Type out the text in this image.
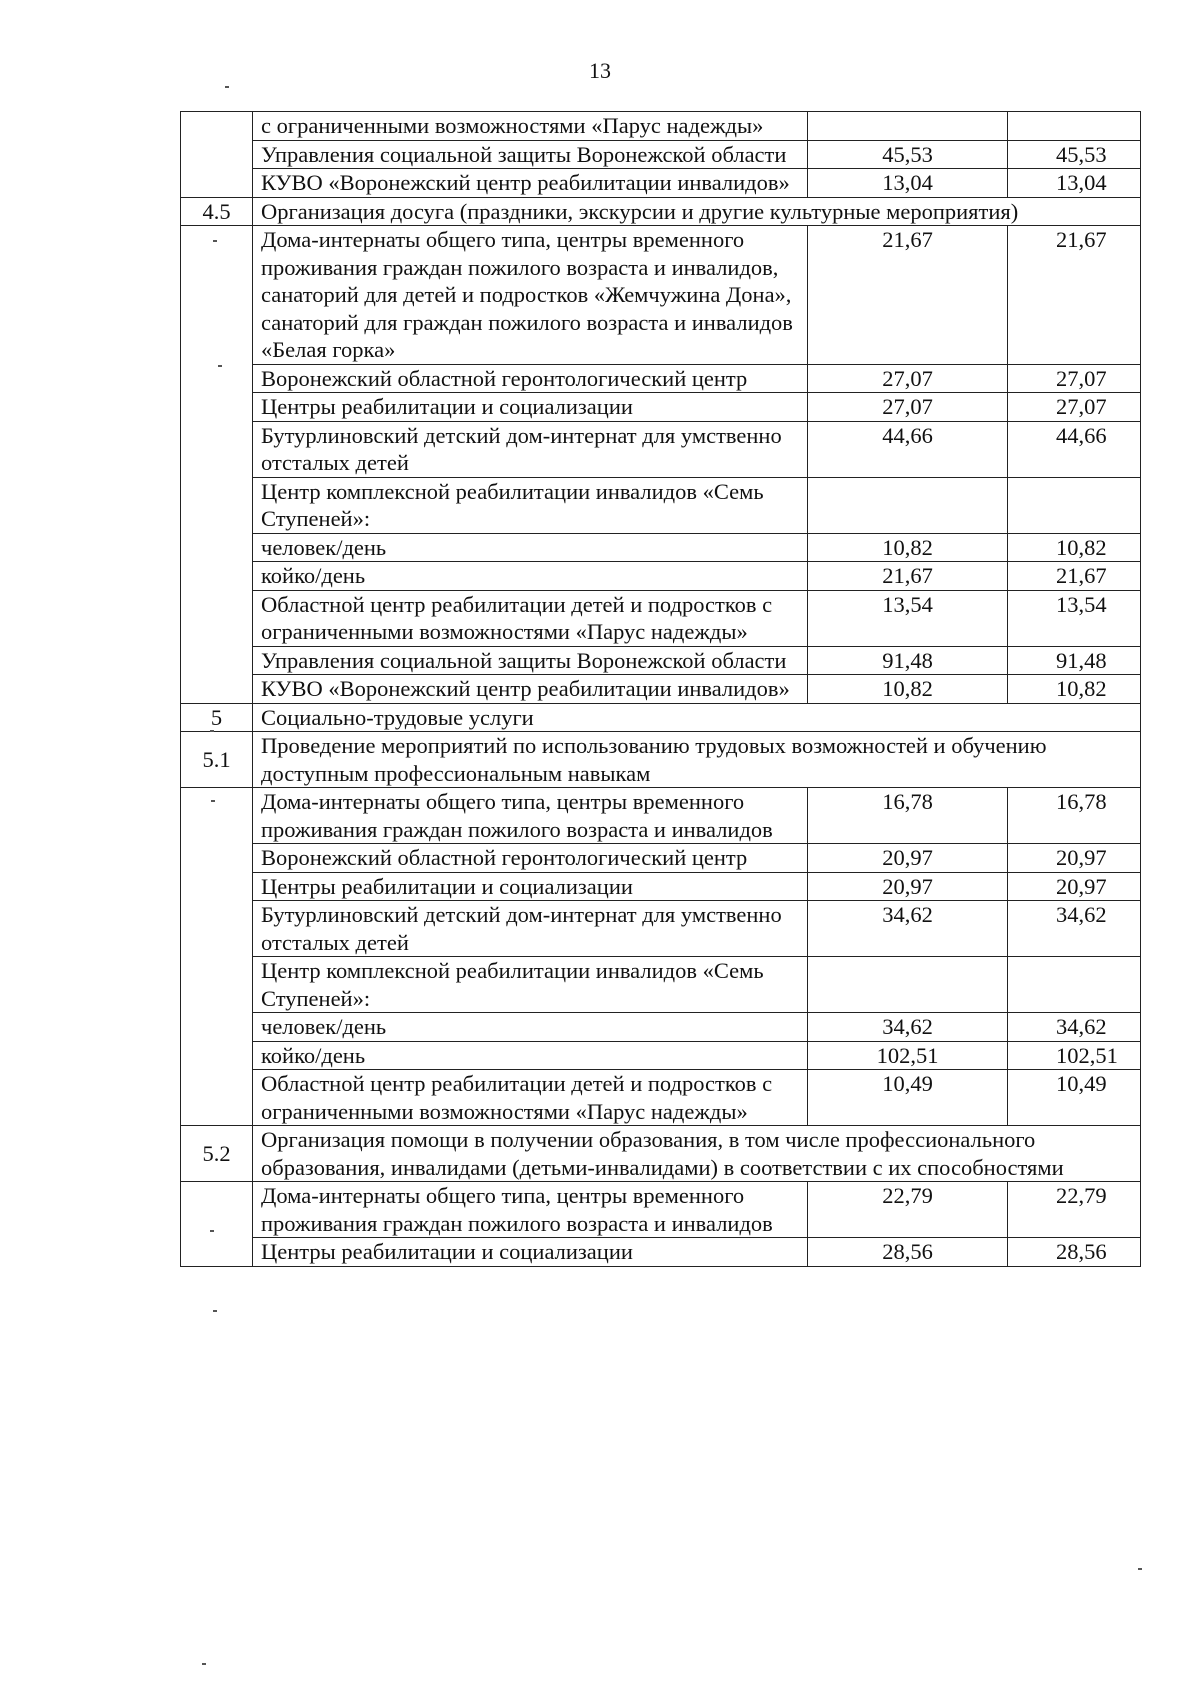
13
	с ограниченными возможностями «Парус надежды»		
	Управления социальной защиты Воронежской области	45,53	45,53
	КУВО «Воронежский центр реабилитации инвалидов»	13,04	13,04
4.5	Организация досуга (праздники, экскурсии и другие культурные мероприятия)		
	Дома-интернаты общего типа, центры временного проживания граждан пожилого возраста и инвалидов, санаторий для детей и подростков «Жемчужина Дона», санаторий для граждан пожилого возраста и инвалидов «Белая горка»	21,67	21,67
	Воронежский областной геронтологический центр	27,07	27,07
	Центры реабилитации и социализации	27,07	27,07
	Бутурлиновский детский дом-интернат для умственно отсталых детей	44,66	44,66
	Центр комплексной реабилитации инвалидов «Семь Ступеней»:		
	человек/день	10,82	10,82
	койко/день	21,67	21,67
	Областной центр реабилитации детей и подростков с ограниченными возможностями «Парус надежды»	13,54	13,54
	Управления социальной защиты Воронежской области	91,48	91,48
	КУВО «Воронежский центр реабилитации инвалидов»	10,82	10,82
5	Социально-трудовые услуги		
5.1	Проведение мероприятий по использованию трудовых возможностей и обучению доступным профессиональным навыкам		
	Дома-интернаты общего типа, центры временного проживания граждан пожилого возраста и инвалидов	16,78	16,78
	Воронежский областной геронтологический центр	20,97	20,97
	Центры реабилитации и социализации	20,97	20,97
	Бутурлиновский детский дом-интернат для умственно отсталых детей	34,62	34,62
	Центр комплексной реабилитации инвалидов «Семь Ступеней»:		
	человек/день	34,62	34,62
	койко/день	102,51	102,51
	Областной центр реабилитации детей и подростков с ограниченными возможностями «Парус надежды»	10,49	10,49
5.2	Организация помощи в получении образования, в том числе профессионального образования, инвалидами (детьми-инвалидами) в соответствии с их способностями		
	Дома-интернаты общего типа, центры временного проживания граждан пожилого возраста и инвалидов	22,79	22,79
	Центры реабилитации и социализации	28,56	28,56
